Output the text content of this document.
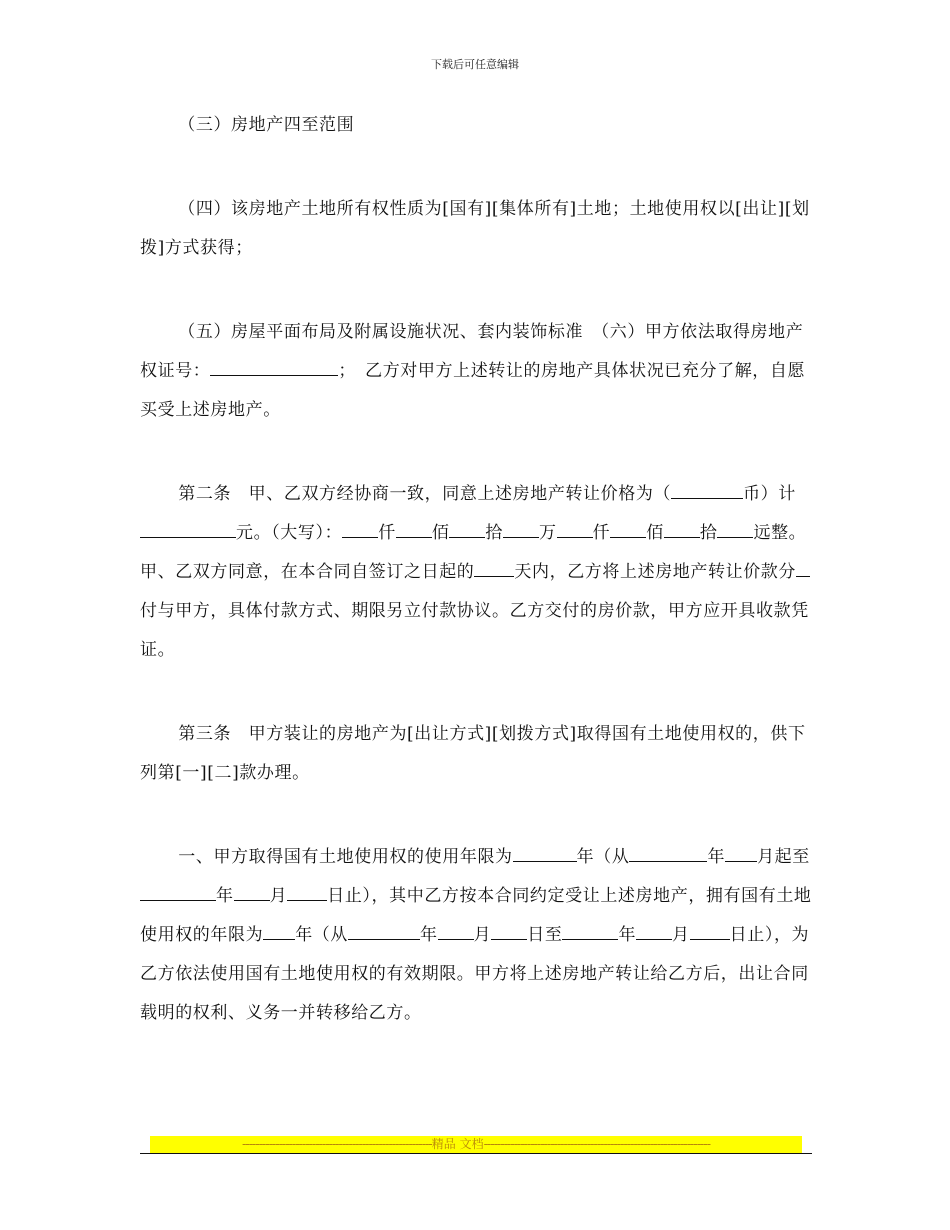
下载后可任意编辑

（三）房地产四至范围

（四）该房地产土地所有权性质为[国有][集体所有]土地；土地使用权以[出让][划拨]方式获得；

（五）房屋平面布局及附属设施状况、套内装饰标准　（六）甲方依法取得房地产权证号：	；　乙方对甲方上述转让的房地产具体状况已充分了解，自愿买受上述房地产。

第二条　甲、乙双方经协商一致，同意上述房地产转让价格为（	币）计元。（大写）： 仟 佰 拾 万 仟 佰 拾 远整。　甲、乙双方同意，在本合同自签订之日起的 天内，乙方将上述房地产转让价款分付与甲方，具体付款方式、期限另立付款协议。乙方交付的房价款，甲方应开具收款凭证。

第三条　甲方装让的房地产为[出让方式][划拨方式]取得国有土地使用权的，供下列第[一][二]款办理。

一、甲方取得国有土地使用权的使用年限为	年（从	年 月起至年 月 日止），其中乙方按本合同约定受让上述房地产，拥有国有土地使用权的年限为 年（从	年 月 日至	年 月 日止），为乙方依法使用国有土地使用权的有效期限。甲方将上述房地产转让给乙方后，出让合同载明的权利、义务一并转移给乙方。

---------------------------------------------------------精品 文档--------------------------------------------------------------------
